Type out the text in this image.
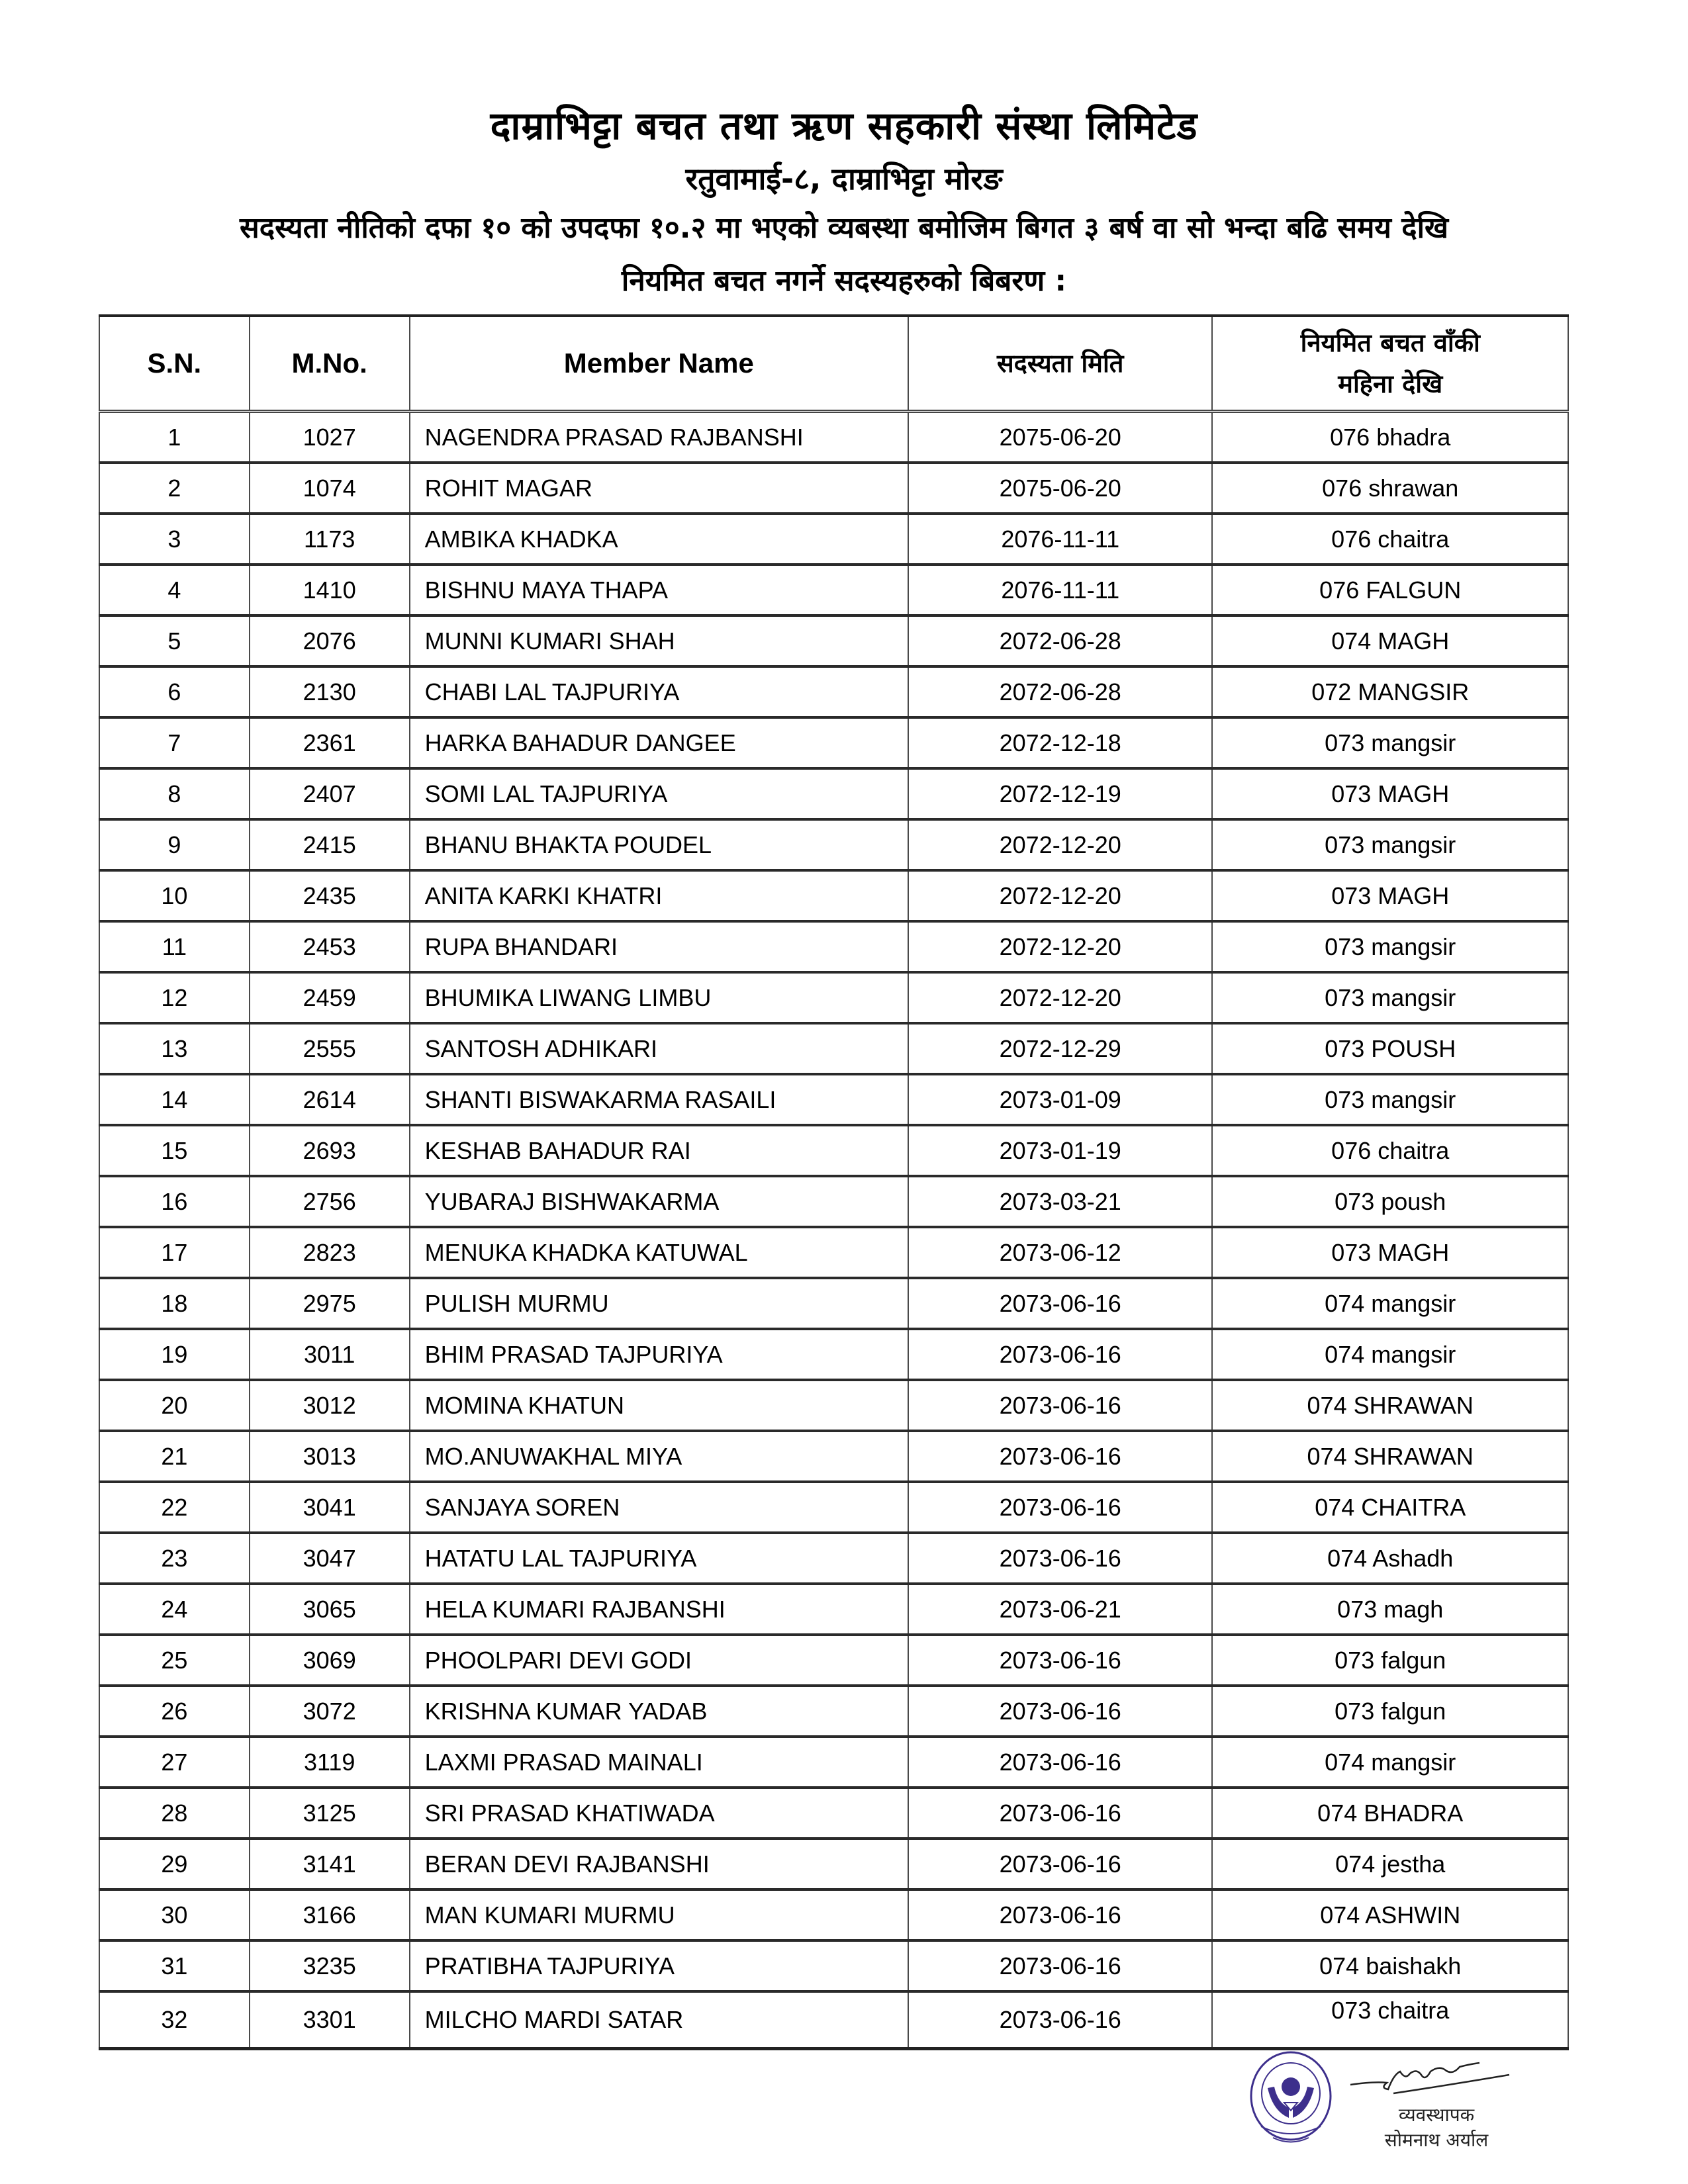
दाम्राभिट्टा बचत तथा ऋण सहकारी संस्था लिमिटेड
रतुवामाई-८, दाम्राभिट्टा मोरङ

सदस्यता नीतिको दफा १० को उपदफा १०.२ मा भएको व्यबस्था बमोजिम बिगत ३ बर्ष वा सो भन्दा बढि समय देखि

नियमित बचत नगर्ने सदस्यहरुको बिबरण :

S.N.	M.No.	Member Name	सदस्यता मिति	नियमित बचत वाँकी
महिना देखि

1	1027	NAGENDRA PRASAD RAJBANSHI	2075-06-20	076 bhadra
2	1074	ROHIT MAGAR	2075-06-20	076 shrawan
3	1173	AMBIKA KHADKA	2076-11-11	076 chaitra
4	1410	BISHNU MAYA THAPA	2076-11-11	076 FALGUN
5	2076	MUNNI KUMARI SHAH	2072-06-28	074 MAGH
6	2130	CHABI LAL TAJPURIYA	2072-06-28	072 MANGSIR
7	2361	HARKA BAHADUR DANGEE	2072-12-18	073 mangsir
8	2407	SOMI LAL TAJPURIYA	2072-12-19	073 MAGH
9	2415	BHANU BHAKTA POUDEL	2072-12-20	073 mangsir
10	2435	ANITA KARKI KHATRI	2072-12-20	073 MAGH
11	2453	RUPA BHANDARI	2072-12-20	073 mangsir
12	2459	BHUMIKA LIWANG LIMBU	2072-12-20	073 mangsir
13	2555	SANTOSH ADHIKARI	2072-12-29	073 POUSH
14	2614	SHANTI BISWAKARMA RASAILI	2073-01-09	073 mangsir
15	2693	KESHAB BAHADUR RAI	2073-01-19	076 chaitra
16	2756	YUBARAJ BISHWAKARMA	2073-03-21	073 poush
17	2823	MENUKA KHADKA KATUWAL	2073-06-12	073 MAGH
18	2975	PULISH MURMU	2073-06-16	074 mangsir
19	3011	BHIM PRASAD TAJPURIYA	2073-06-16	074 mangsir
20	3012	MOMINA KHATUN	2073-06-16	074 SHRAWAN
21	3013	MO.ANUWAKHAL MIYA	2073-06-16	074 SHRAWAN
22	3041	SANJAYA SOREN	2073-06-16	074 CHAITRA
23	3047	HATATU LAL TAJPURIYA	2073-06-16	074 Ashadh
24	3065	HELA KUMARI RAJBANSHI	2073-06-21	073 magh
25	3069	PHOOLPARI DEVI GODI	2073-06-16	073 falgun
26	3072	KRISHNA KUMAR YADAB	2073-06-16	073 falgun
27	3119	LAXMI PRASAD MAINALI	2073-06-16	074 mangsir
28	3125	SRI PRASAD KHATIWADA	2073-06-16	074 BHADRA
29	3141	BERAN DEVI RAJBANSHI	2073-06-16	074 jestha
30	3166	MAN KUMARI MURMU	2073-06-16	074 ASHWIN
31	3235	PRATIBHA TAJPURIYA	2073-06-16	074 baishakh
32	3301	MILCHO MARDI SATAR	2073-06-16	073 chaitra
व्यवस्थापक
सोमनाथ अर्याल
